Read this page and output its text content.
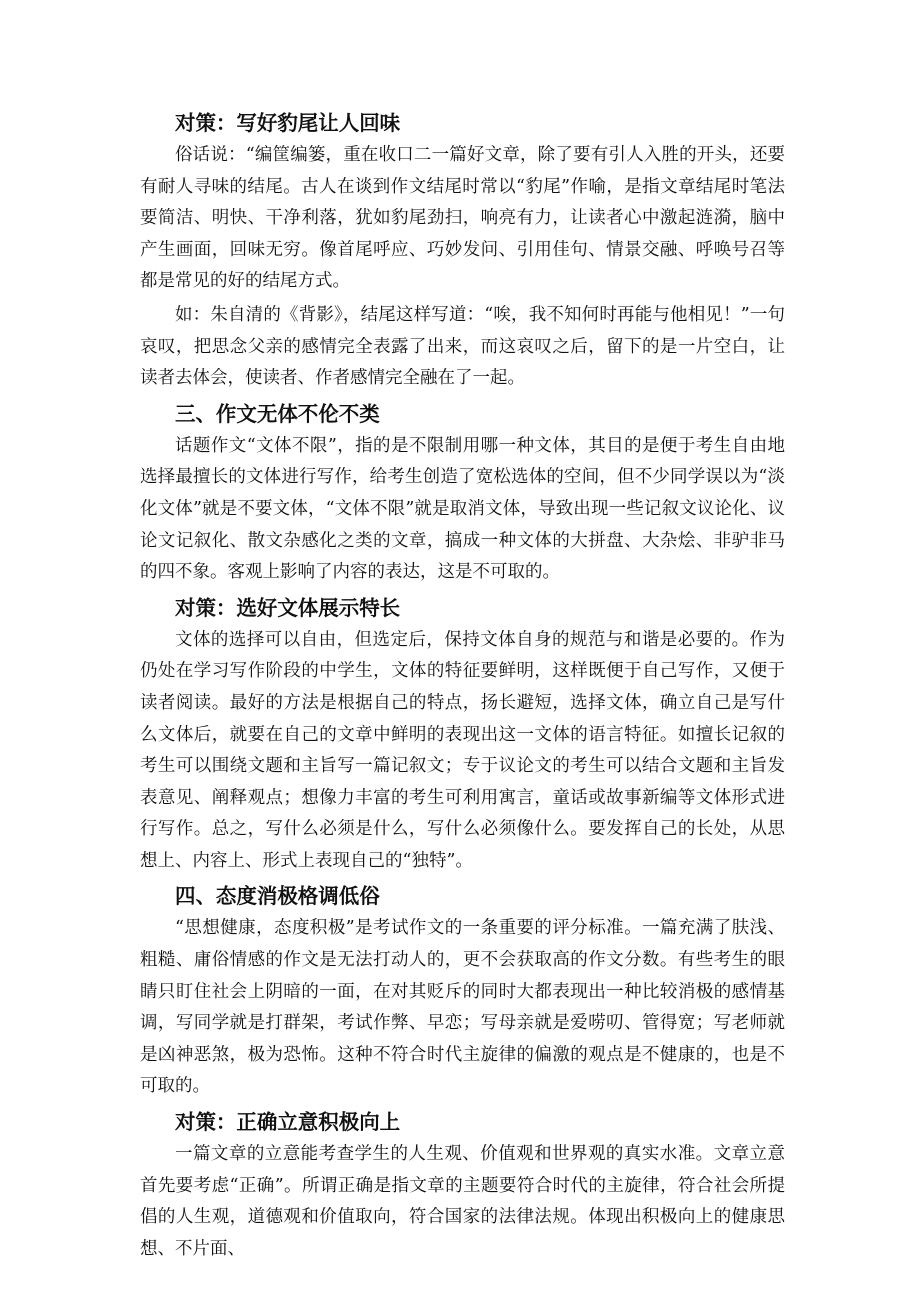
对策：写好豹尾让人回味

俗话说：“编筐编篓，重在收口二一篇好文章，除了要有引人入胜的开头，还要有耐人寻味的结尾。古人在谈到作文结尾时常以“豹尾”作喻，是指文章结尾时笔法要简洁、明快、干净利落，犹如豹尾劲扫，响亮有力，让读者心中激起涟漪，脑中产生画面，回味无穷。像首尾呼应、巧妙发问、引用佳句、情景交融、呼唤号召等都是常见的好的结尾方式。

如：朱自清的《背影》，结尾这样写道：“唉，我不知何时再能与他相见！”一句哀叹，把思念父亲的感情完全表露了出来，而这哀叹之后，留下的是一片空白，让读者去体会，使读者、作者感情完全融在了一起。

三、作文无体不伦不类

话题作文“文体不限”，指的是不限制用哪一种文体，其目的是便于考生自由地选择最擅长的文体进行写作，给考生创造了宽松选体的空间，但不少同学误以为“淡化文体”就是不要文体，“文体不限”就是取消文体，导致出现一些记叙文议论化、议论文记叙化、散文杂感化之类的文章，搞成一种文体的大拼盘、大杂烩、非驴非马的四不象。客观上影响了内容的表达，这是不可取的。

对策：选好文体展示特长

文体的选择可以自由，但选定后，保持文体自身的规范与和谐是必要的。作为仍处在学习写作阶段的中学生，文体的特征要鲜明，这样既便于自己写作，又便于读者阅读。最好的方法是根据自己的特点，扬长避短，选择文体，确立自己是写什么文体后，就要在自己的文章中鲜明的表现出这一文体的语言特征。如擅长记叙的考生可以围绕文题和主旨写一篇记叙文；专于议论文的考生可以结合文题和主旨发表意见、阐释观点；想像力丰富的考生可利用寓言，童话或故事新编等文体形式进行写作。总之，写什么必须是什么，写什么必须像什么。要发挥自己的长处，从思想上、内容上、形式上表现自己的“独特”。

四、态度消极格调低俗

“思想健康，态度积极”是考试作文的一条重要的评分标准。一篇充满了肤浅、粗糙、庸俗情感的作文是无法打动人的，更不会获取高的作文分数。有些考生的眼睛只盯住社会上阴暗的一面，在对其贬斥的同时大都表现出一种比较消极的感情基调，写同学就是打群架，考试作弊、早恋；写母亲就是爱唠叨、管得宽；写老师就是凶神恶煞，极为恐怖。这种不符合时代主旋律的偏激的观点是不健康的，也是不可取的。

对策：正确立意积极向上

一篇文章的立意能考查学生的人生观、价值观和世界观的真实水准。文章立意首先要考虑“正确”。所谓正确是指文章的主题要符合时代的主旋律，符合社会所提倡的人生观，道德观和价值取向，符合国家的法律法规。体现出积极向上的健康思想、不片面、
